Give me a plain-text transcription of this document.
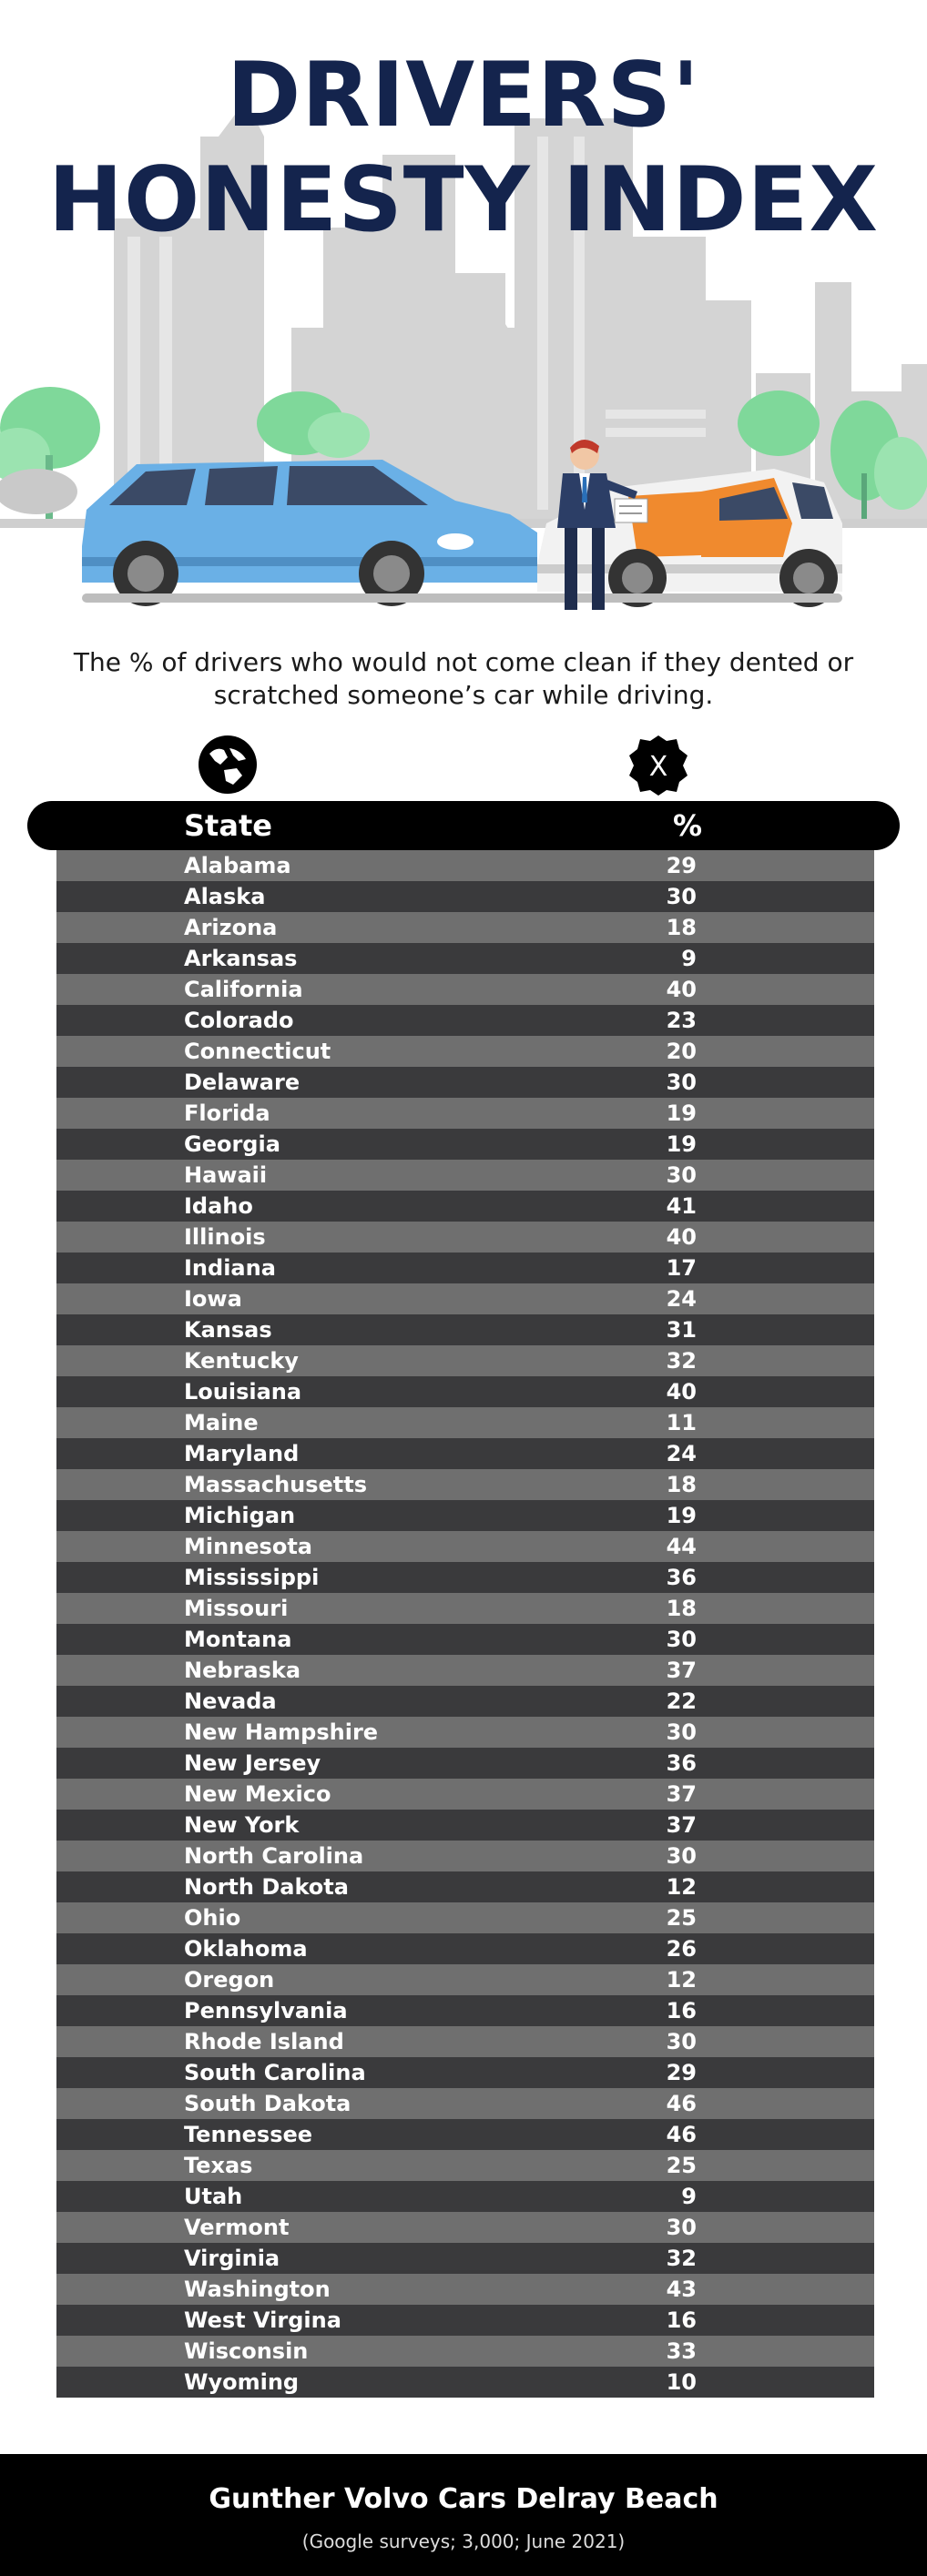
DRIVERS'
HONESTY INDEX
The % of drivers who would not come clean if they dented or scratched someone’s car while driving.
X
State	%
Alabama	29
Alaska	30
Arizona	18
Arkansas	9
California	40
Colorado	23
Connecticut	20
Delaware	30
Florida	19
Georgia	19
Hawaii	30
Idaho	41
Illinois	40
Indiana	17
Iowa	24
Kansas	31
Kentucky	32
Louisiana	40
Maine	11
Maryland	24
Massachusetts	18
Michigan	19
Minnesota	44
Mississippi	36
Missouri	18
Montana	30
Nebraska	37
Nevada	22
New Hampshire	30
New Jersey	36
New Mexico	37
New York	37
North Carolina	30
North Dakota	12
Ohio	25
Oklahoma	26
Oregon	12
Pennsylvania	16
Rhode Island	30
South Carolina	29
South Dakota	46
Tennessee	46
Texas	25
Utah	9
Vermont	30
Virginia	32
Washington	43
West Virgina	16
Wisconsin	33
Wyoming	10
Gunther Volvo Cars Delray Beach
(Google surveys; 3,000; June 2021)
